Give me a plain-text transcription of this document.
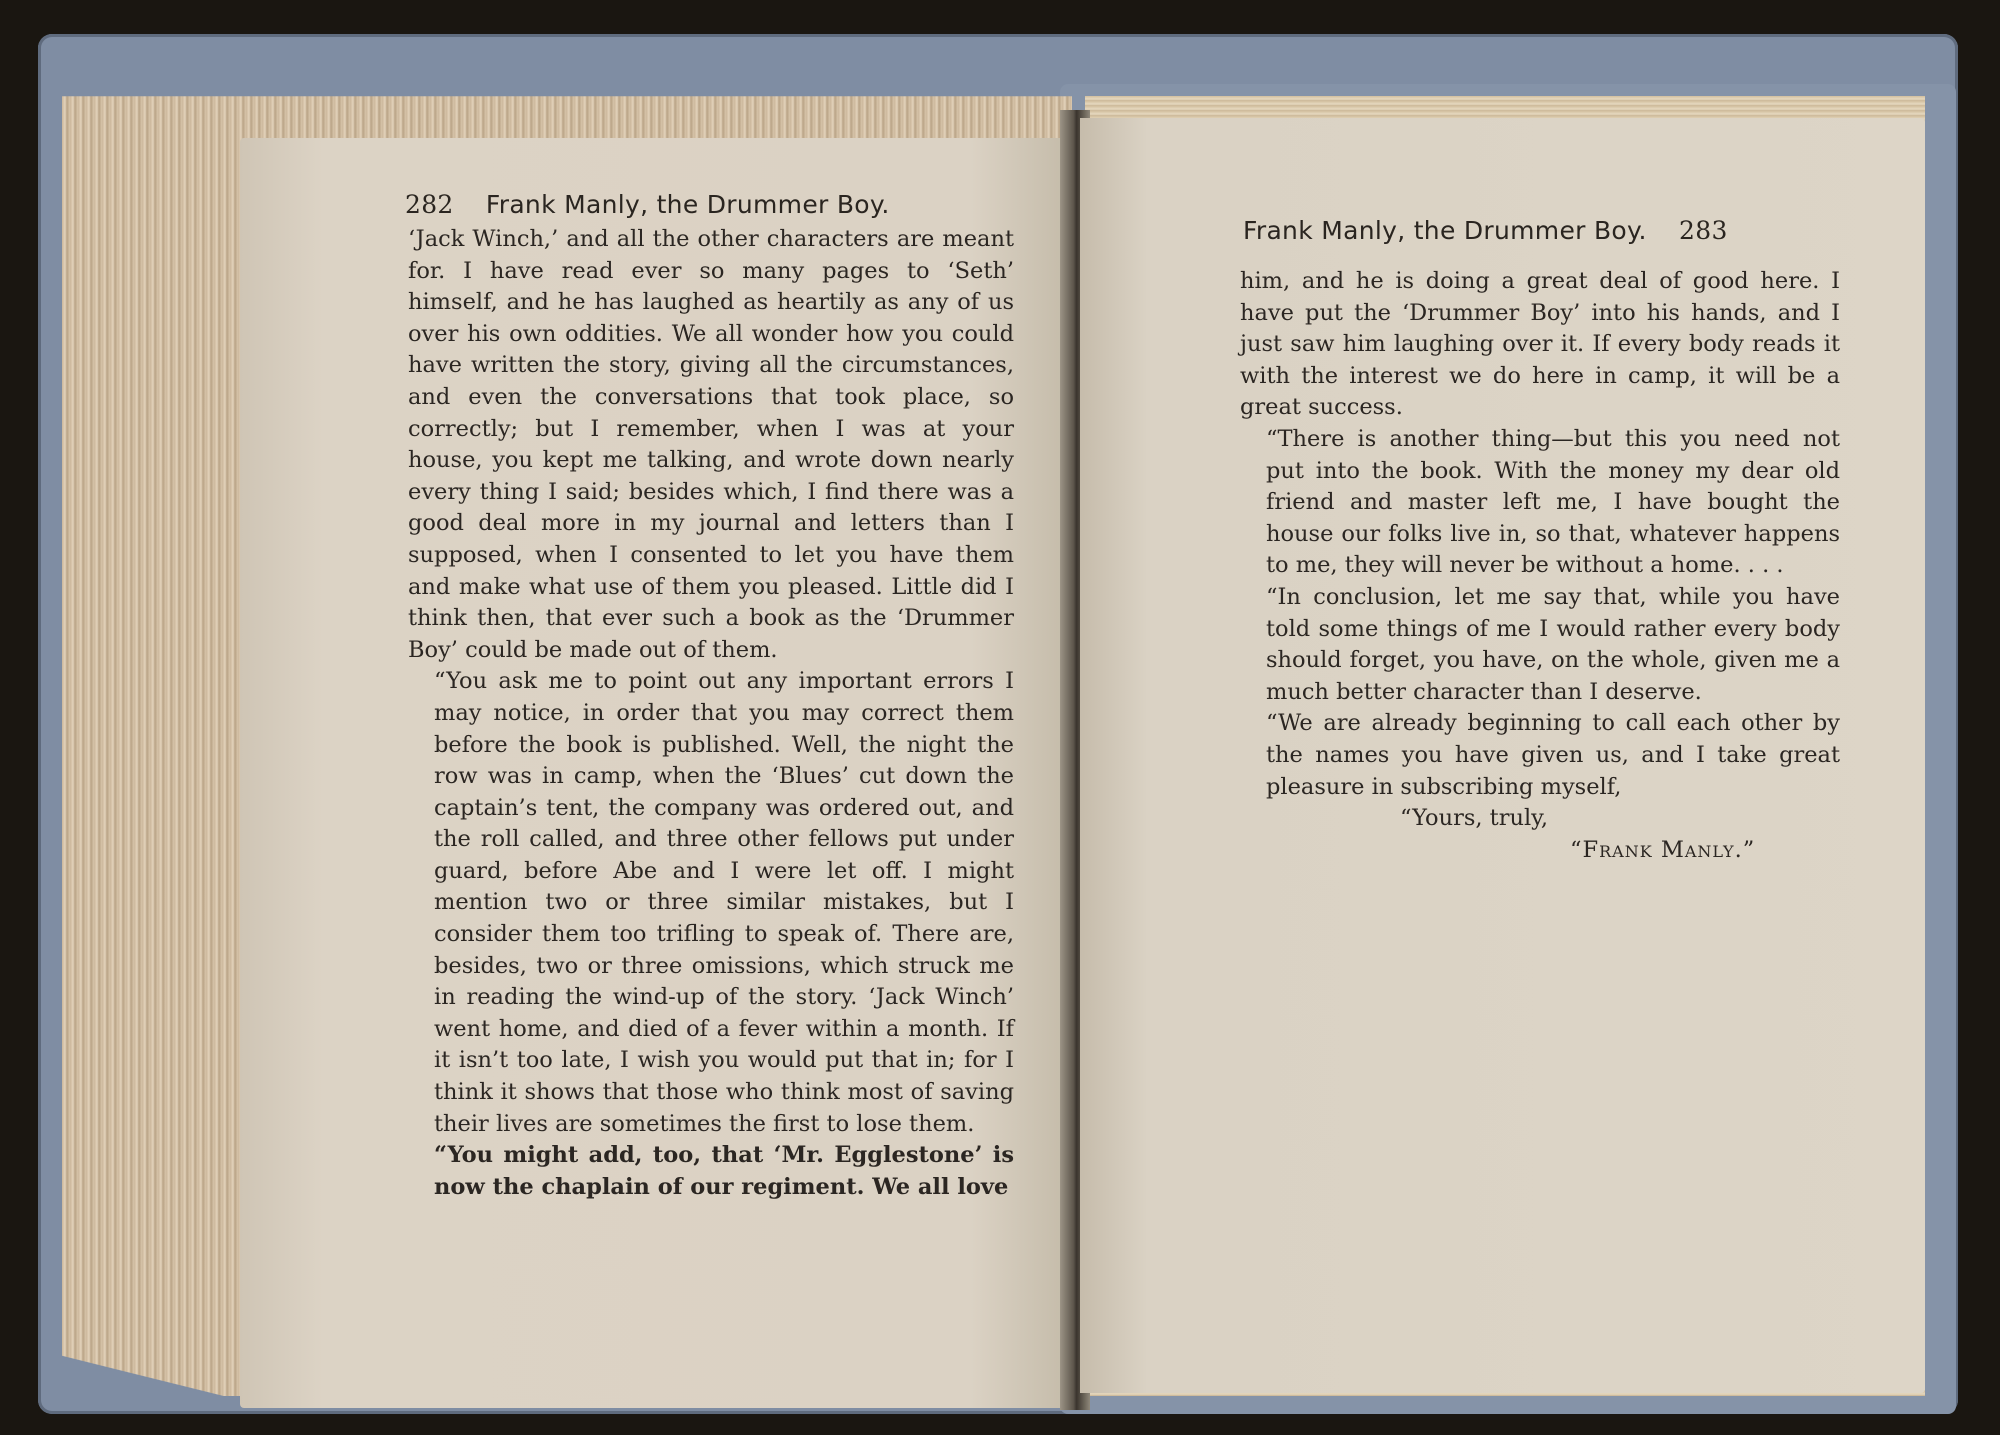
282 Frank Manly, the Drummer Boy.

‘Jack Winch,’ and all the other characters are meant for. I have read ever so many pages to ‘Seth’ himself, and he has laughed as heartily as any of us over his own oddities. We all wonder how you could have written the story, giving all the circumstances, and even the conversations that took place, so correctly; but I remember, when I was at your house, you kept me talking, and wrote down nearly every thing I said; besides which, I find there was a good deal more in my journal and letters than I supposed, when I consented to let you have them and make what use of them you pleased. Little did I think then, that ever such a book as the ‘Drummer Boy’ could be made out of them.

“You ask me to point out any important errors I may notice, in order that you may correct them before the book is published. Well, the night the row was in camp, when the ‘Blues’ cut down the captain’s tent, the company was ordered out, and the roll called, and three other fellows put under guard, before Abe and I were let off. I might mention two or three similar mistakes, but I consider them too trifling to speak of. There are, besides, two or three omissions, which struck me in reading the wind-up of the story. ‘Jack Winch’ went home, and died of a fever within a month. If it isn’t too late, I wish you would put that in; for I think it shows that those who think most of saving their lives are sometimes the first to lose them.

“You might add, too, that ‘Mr. Egglestone’ is now the chaplain of our regiment. We all love

Frank Manly, the Drummer Boy. 283

him, and he is doing a great deal of good here. I have put the ‘Drummer Boy’ into his hands, and I just saw him laughing over it. If every body reads it with the interest we do here in camp, it will be a great success.

“There is another thing—but this you need not put into the book. With the money my dear old friend and master left me, I have bought the house our folks live in, so that, whatever happens to me, they will never be without a home. . . .

“In conclusion, let me say that, while you have told some things of me I would rather every body should forget, you have, on the whole, given me a much better character than I deserve.

“We are already beginning to call each other by the names you have given us, and I take great pleasure in subscribing myself,

“Yours, truly,
“Frank Manly.”
